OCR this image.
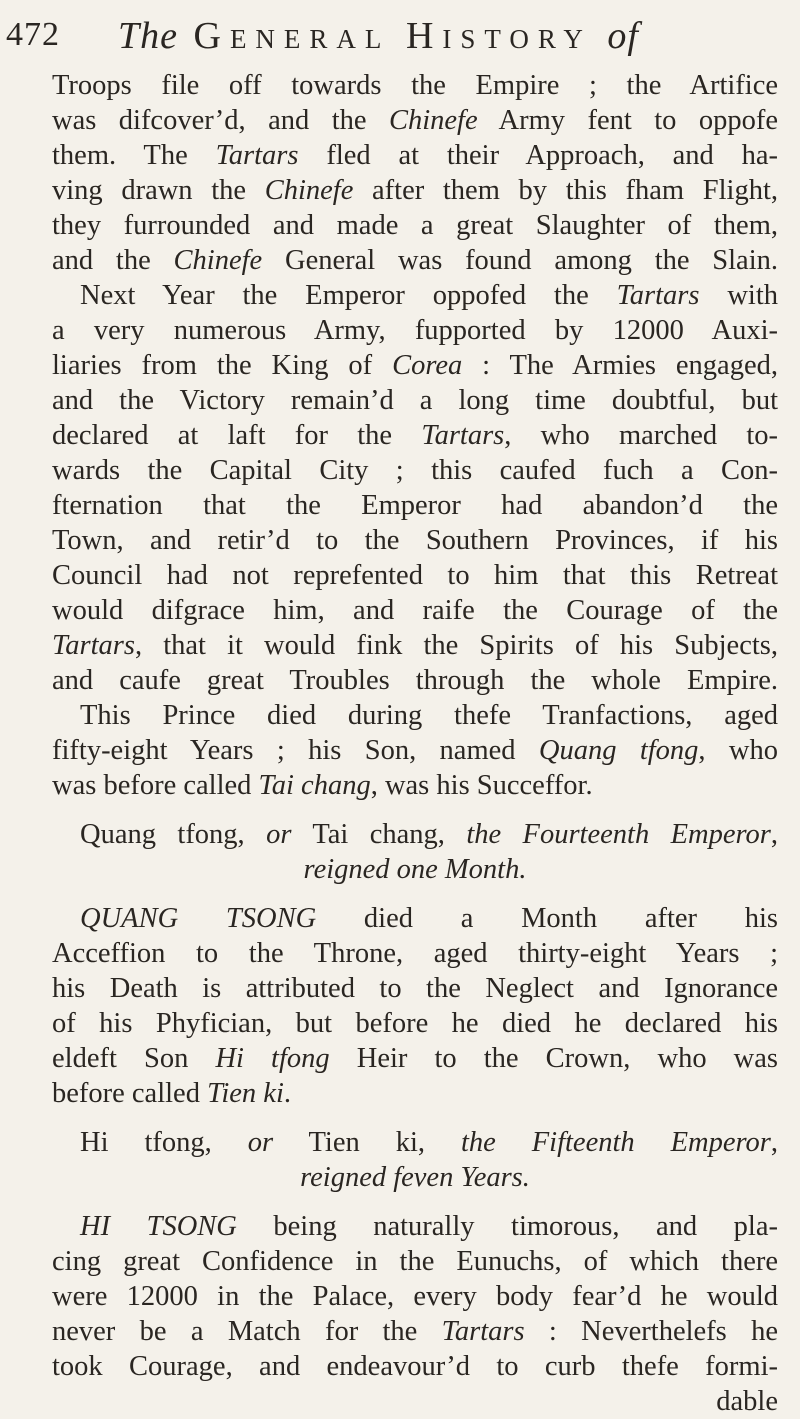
472 The General History of
Troops file off towards the Empire ; the Artifice
was difcover’d, and the Chinefe Army fent to oppofe
them. The Tartars fled at their Approach, and ha-
ving drawn the Chinefe after them by this fham Flight,
they furrounded and made a great Slaughter of them,
and the Chinefe General was found among the Slain.
Next Year the Emperor oppofed the Tartars with
a very numerous Army, fupported by 12000 Auxi-
liaries from the King of Corea : The Armies engaged,
and the Victory remain’d a long time doubtful, but
declared at laft for the Tartars, who marched to-
wards the Capital City ; this caufed fuch a Con-
fternation that the Emperor had abandon’d the
Town, and retir’d to the Southern Provinces, if his
Council had not reprefented to him that this Retreat
would difgrace him, and raife the Courage of the
Tartars, that it would fink the Spirits of his Subjects,
and caufe great Troubles through the whole Empire.
This Prince died during thefe Tranfactions, aged
fifty-eight Years ; his Son, named Quang tfong, who
was before called Tai chang, was his Succeffor.
Quang tfong, or Tai chang, the Fourteenth Emperor,
reigned one Month.
QUANG TSONG died a Month after his
Acceffion to the Throne, aged thirty-eight Years ;
his Death is attributed to the Neglect and Ignorance
of his Phyfician, but before he died he declared his
eldeft Son Hi tfong Heir to the Crown, who was
before called Tien ki.
Hi tfong, or Tien ki, the Fifteenth Emperor,
reigned feven Years.
HI TSONG being naturally timorous, and pla-
cing great Confidence in the Eunuchs, of which there
were 12000 in the Palace, every body fear’d he would
never be a Match for the Tartars : Neverthelefs he
took Courage, and endeavour’d to curb thefe formi-
dable
